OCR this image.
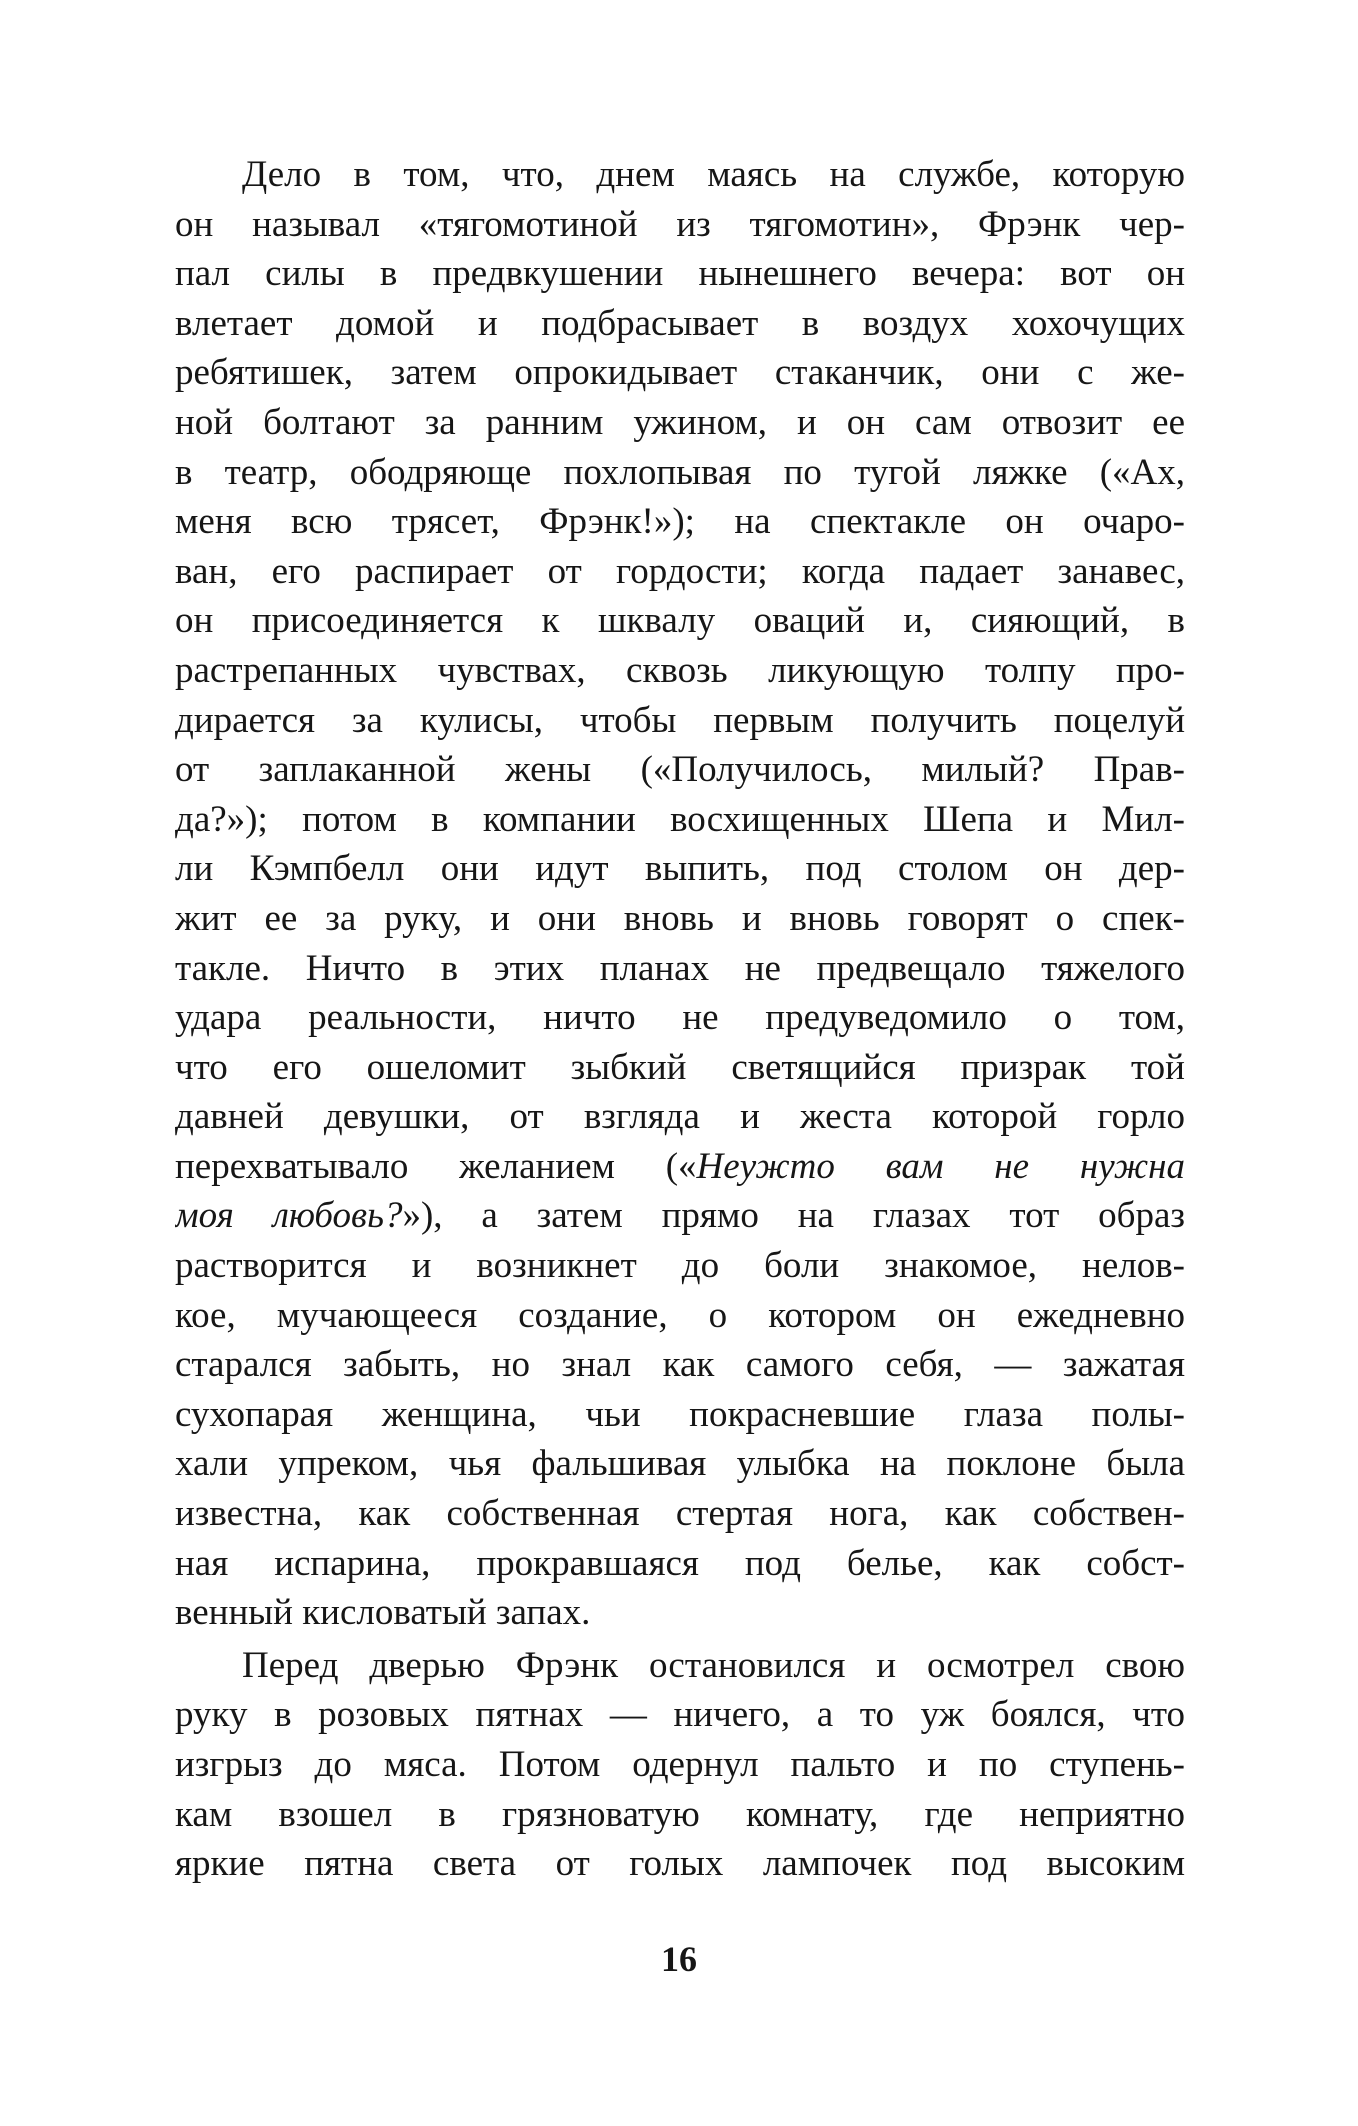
Дело в том, что, днем маясь на службе, которую
он называл «тягомотиной из тягомотин», Фрэнк чер-
пал силы в предвкушении нынешнего вечера: вот он
влетает домой и подбрасывает в воздух хохочущих
ребятишек, затем опрокидывает стаканчик, они с же-
ной болтают за ранним ужином, и он сам отвозит ее
в театр, ободряюще похлопывая по тугой ляжке («Ах,
меня всю трясет, Фрэнк!»); на спектакле он очаро-
ван, его распирает от гордости; когда падает занавес,
он присоединяется к шквалу оваций и, сияющий, в
растрепанных чувствах, сквозь ликующую толпу про-
дирается за кулисы, чтобы первым получить поцелуй
от заплаканной жены («Получилось, милый? Прав-
да?»); потом в компании восхищенных Шепа и Мил-
ли Кэмпбелл они идут выпить, под столом он дер-
жит ее за руку, и они вновь и вновь говорят о спек-
такле. Ничто в этих планах не предвещало тяжелого
удара реальности, ничто не предуведомило о том,
что его ошеломит зыбкий светящийся призрак той
давней девушки, от взгляда и жеста которой горло
перехватывало желанием («Неужто вам не нужна
моя любовь?»), а затем прямо на глазах тот образ
растворится и возникнет до боли знакомое, нелов-
кое, мучающееся создание, о котором он ежедневно
старался забыть, но знал как самого себя, — зажатая
сухопарая женщина, чьи покрасневшие глаза полы-
хали упреком, чья фальшивая улыбка на поклоне была
известна, как собственная стертая нога, как собствен-
ная испарина, прокравшаяся под белье, как собст-
венный кисловатый запах.
Перед дверью Фрэнк остановился и осмотрел свою
руку в розовых пятнах — ничего, а то уж боялся, что
изгрыз до мяса. Потом одернул пальто и по ступень-
кам взошел в грязноватую комнату, где неприятно
яркие пятна света от голых лампочек под высоким
16
